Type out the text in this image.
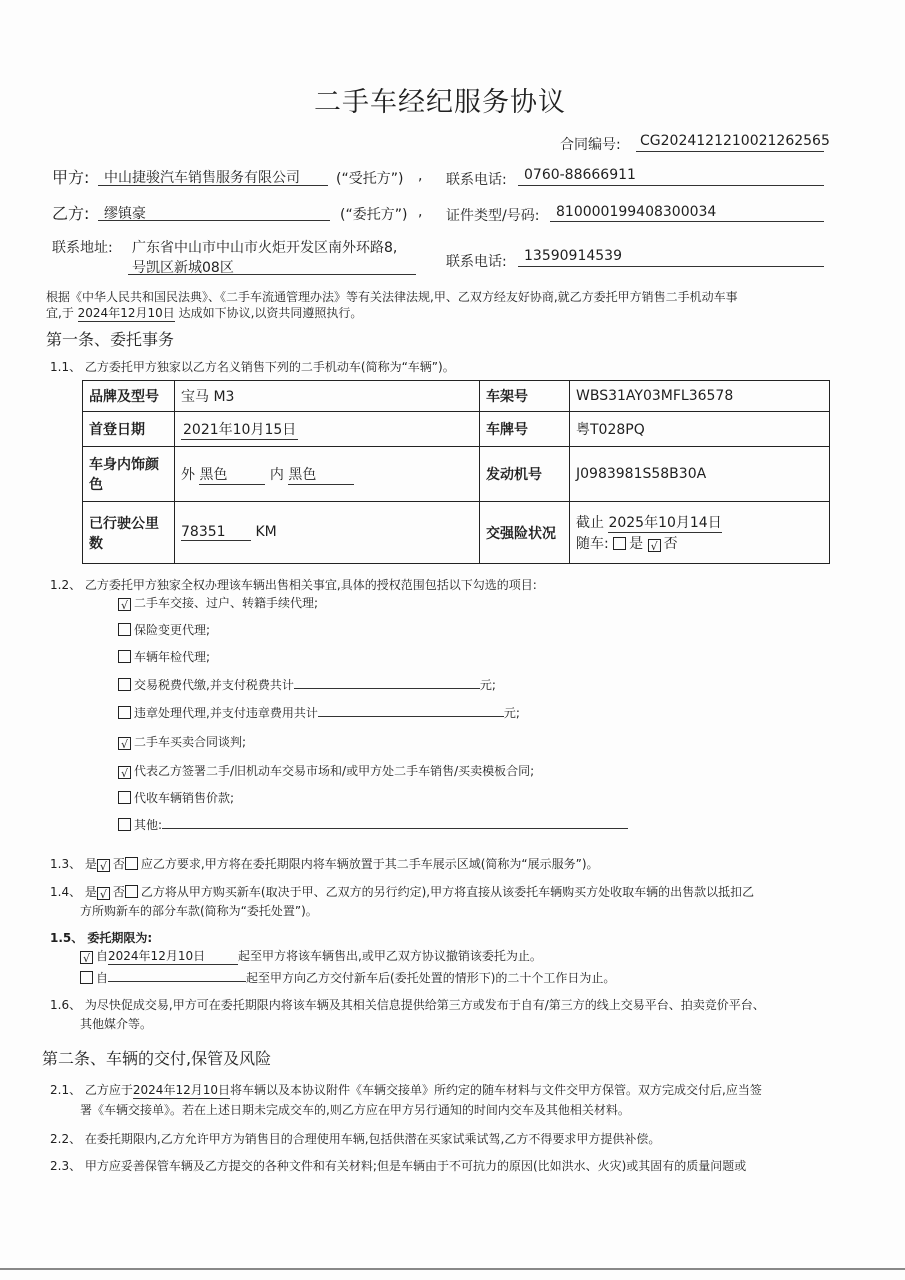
二手车经纪服务协议
合同编号: CG2024121210021262565
甲方: 中山捷骏汽车销售服务有限公司	(“受托方”) , 联系电话: 0760-88666911
乙方: 缪镇豪	(“委托方”) , 证件类型/号码: 810000199408300034
联系地址: 广东省中山市中山市火炬开发区南外环路8,
号凯区新城08区	联系电话: 13590914539
根据《中华人民共和国民法典》、《二手车流通管理办法》等有关法律法规,甲、乙双方经友好协商,就乙方委托甲方销售二手机动车事
宜,于 2024年12月10日 达成如下协议,以资共同遵照执行。
第一条、委托事务
1.1、 乙方委托甲方独家以乙方名义销售下列的二手机动车(简称为“车辆”)。
品牌及型号	宝马 M3	车架号	WBS31AY03MFL36578
首登日期	2021年10月15日	车牌号	粤T028PQ
车身内饰颜色	外 黑色 内 黑色	发动机号	J0983981S58B30A
已行驶公里数	78351 KM	交强险状况	截止 2025年10月14日
随车: 是 √ 否
1.2、 乙方委托甲方独家全权办理该车辆出售相关事宜,具体的授权范围包括以下勾选的项目:
√ 二手车交接、过户、转籍手续代理;
保险变更代理;
车辆年检代理;
交易税费代缴,并支付税费共计	元;
违章处理代理,并支付违章费用共计	元;
√ 二手车买卖合同谈判;
√ 代表乙方签署二手/旧机动车交易市场和/或甲方处二手车销售/买卖模板合同;
代收车辆销售价款;
其他:
1.3、 是 √ 否 应乙方要求,甲方将在委托期限内将车辆放置于其二手车展示区域(简称为“展示服务”)。
1.4、 是 √ 否 乙方将从甲方购买新车(取决于甲、乙双方的另行约定),甲方将直接从该委托车辆购买方处收取车辆的出售款以抵扣乙
方所购新车的部分车款(简称为“委托处置”)。
1.5、 委托期限为:
√ 自2024年12月10日	起至甲方将该车辆售出,或甲乙双方协议撤销该委托为止。
自	起至甲方向乙方交付新车后(委托处置的情形下)的二十个工作日为止。
1.6、 为尽快促成交易,甲方可在委托期限内将该车辆及其相关信息提供给第三方或发布于自有/第三方的线上交易平台、拍卖竞价平台、
其他媒介等。
第二条、车辆的交付,保管及风险
2.1、 乙方应于2024年12月10日将车辆以及本协议附件《车辆交接单》所约定的随车材料与文件交甲方保管。双方完成交付后,应当签
署《车辆交接单》。若在上述日期未完成交车的,则乙方应在甲方另行通知的时间内交车及其他相关材料。
2.2、 在委托期限内,乙方允许甲方为销售目的合理使用车辆,包括供潜在买家试乘试驾,乙方不得要求甲方提供补偿。
2.3、 甲方应妥善保管车辆及乙方提交的各种文件和有关材料;但是车辆由于不可抗力的原因(比如洪水、火灾)或其固有的质量问题或
